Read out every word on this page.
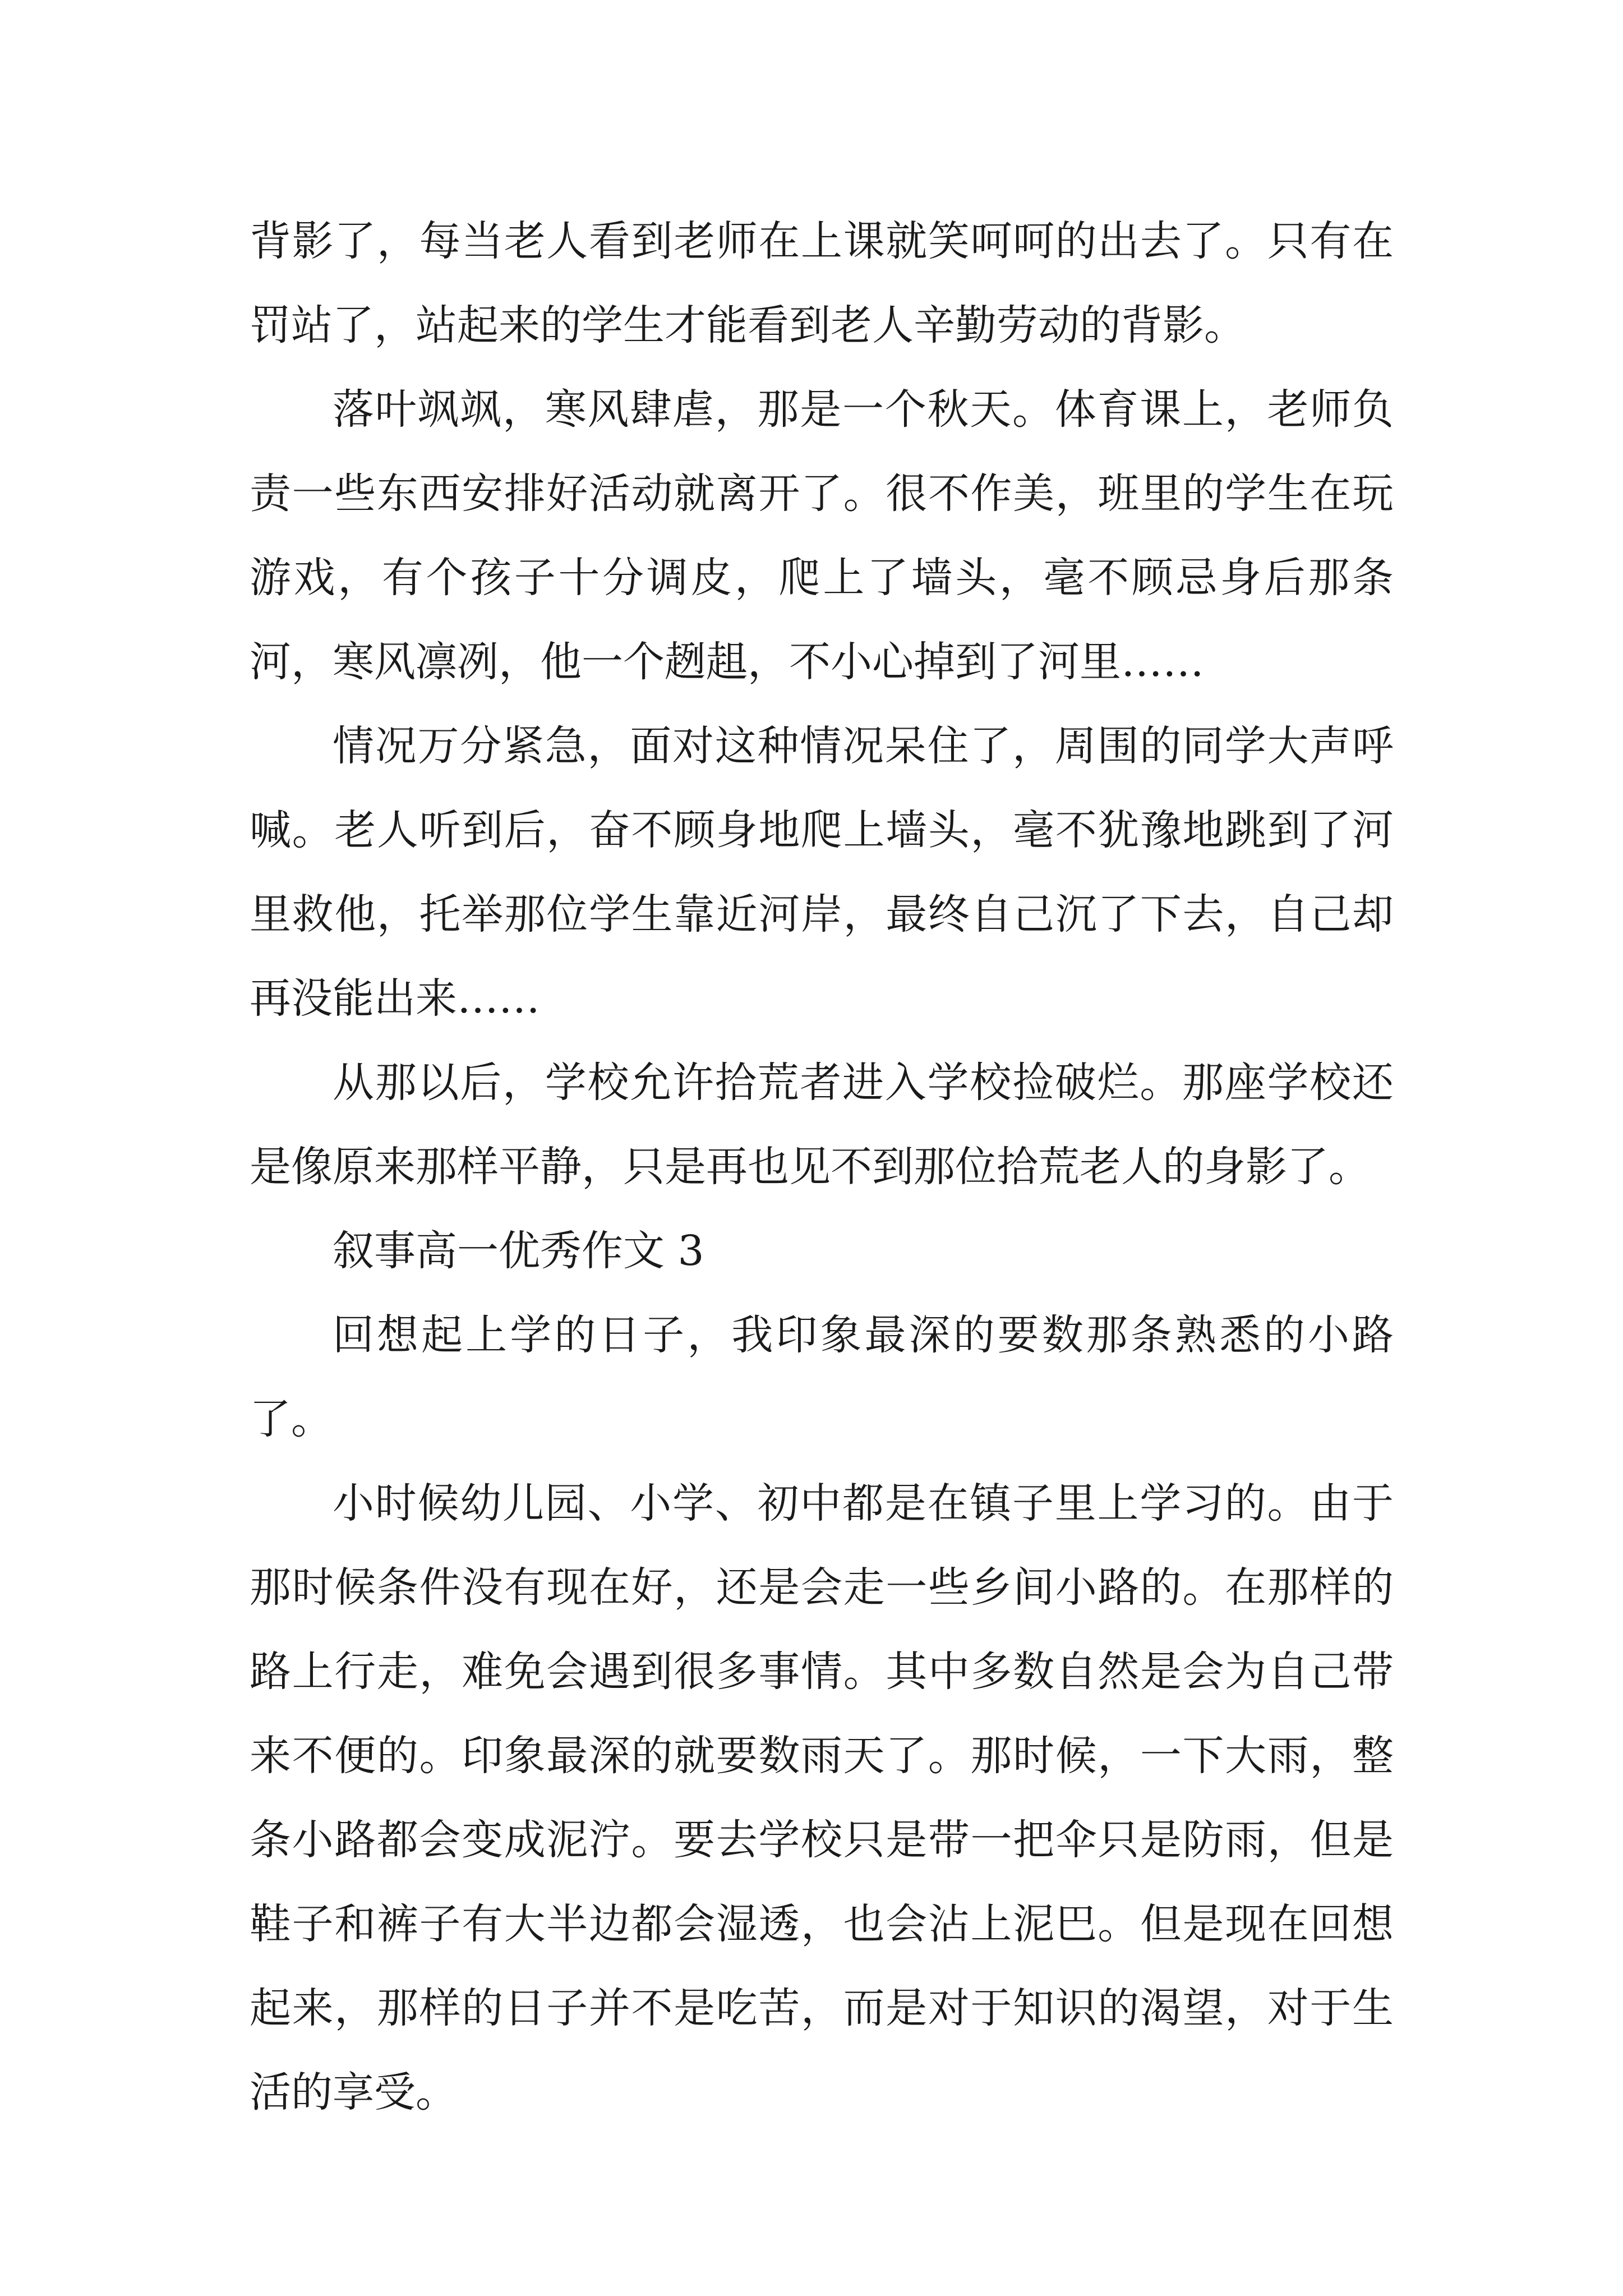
背影了，每当老人看到老师在上课就笑呵呵的出去了。只有在罚站了，站起来的学生才能看到老人辛勤劳动的背影。

落叶飒飒，寒风肆虐，那是一个秋天。体育课上，老师负责一些东西安排好活动就离开了。很不作美，班里的学生在玩游戏，有个孩子十分调皮，爬上了墙头，毫不顾忌身后那条河，寒风凛冽，他一个趔趄，不小心掉到了河里……

情况万分紧急，面对这种情况呆住了，周围的同学大声呼喊。老人听到后，奋不顾身地爬上墙头，毫不犹豫地跳到了河里救他，托举那位学生靠近河岸，最终自己沉了下去，自己却再没能出来……

从那以后，学校允许拾荒者进入学校捡破烂。那座学校还是像原来那样平静，只是再也见不到那位拾荒老人的身影了。

叙事高一优秀作文 3

回想起上学的日子，我印象最深的要数那条熟悉的小路了。

小时候幼儿园、小学、初中都是在镇子里上学习的。由于那时候条件没有现在好，还是会走一些乡间小路的。在那样的路上行走，难免会遇到很多事情。其中多数自然是会为自己带来不便的。印象最深的就要数雨天了。那时候，一下大雨，整条小路都会变成泥泞。要去学校只是带一把伞只是防雨，但是鞋子和裤子有大半边都会湿透，也会沾上泥巴。但是现在回想起来，那样的日子并不是吃苦，而是对于知识的渴望，对于生活的享受。
